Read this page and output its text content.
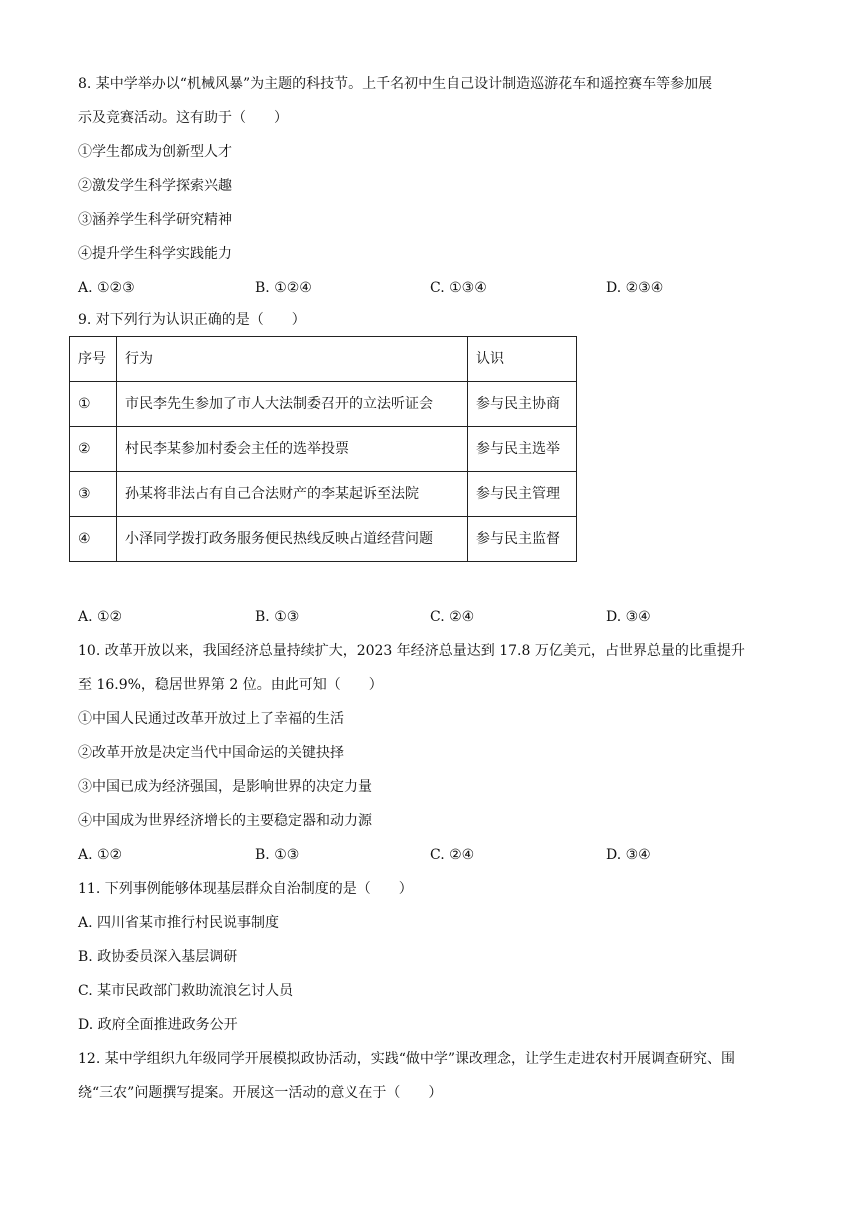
8. 某中学举办以“机械风暴”为主题的科技节。上千名初中生自己设计制造巡游花车和遥控赛车等参加展
示及竞赛活动。这有助于（　　）
①学生都成为创新型人才
②激发学生科学探索兴趣
③涵养学生科学研究精神
④提升学生科学实践能力
A. ①②③	B. ①②④	C. ①③④	D. ②③④
9. 对下列行为认识正确的是（　　）
序号	行为	认识
①	市民李先生参加了市人大法制委召开的立法听证会	参与民主协商
②	村民李某参加村委会主任的选举投票	参与民主选举
③	孙某将非法占有自己合法财产的李某起诉至法院	参与民主管理
④	小泽同学拨打政务服务便民热线反映占道经营问题	参与民主监督
A. ①②	B. ①③	C. ②④	D. ③④
10. 改革开放以来，我国经济总量持续扩大，2023 年经济总量达到 17.8 万亿美元，占世界总量的比重提升
至 16.9%，稳居世界第 2 位。由此可知（　　）
①中国人民通过改革开放过上了幸福的生活
②改革开放是决定当代中国命运的关键抉择
③中国已成为经济强国，是影响世界的决定力量
④中国成为世界经济增长的主要稳定器和动力源
A. ①②	B. ①③	C. ②④	D. ③④
11. 下列事例能够体现基层群众自治制度的是（　　）
A. 四川省某市推行村民说事制度
B. 政协委员深入基层调研
C. 某市民政部门救助流浪乞讨人员
D. 政府全面推进政务公开
12. 某中学组织九年级同学开展模拟政协活动，实践“做中学”课改理念，让学生走进农村开展调查研究、围
绕“三农”问题撰写提案。开展这一活动的意义在于（　　）
